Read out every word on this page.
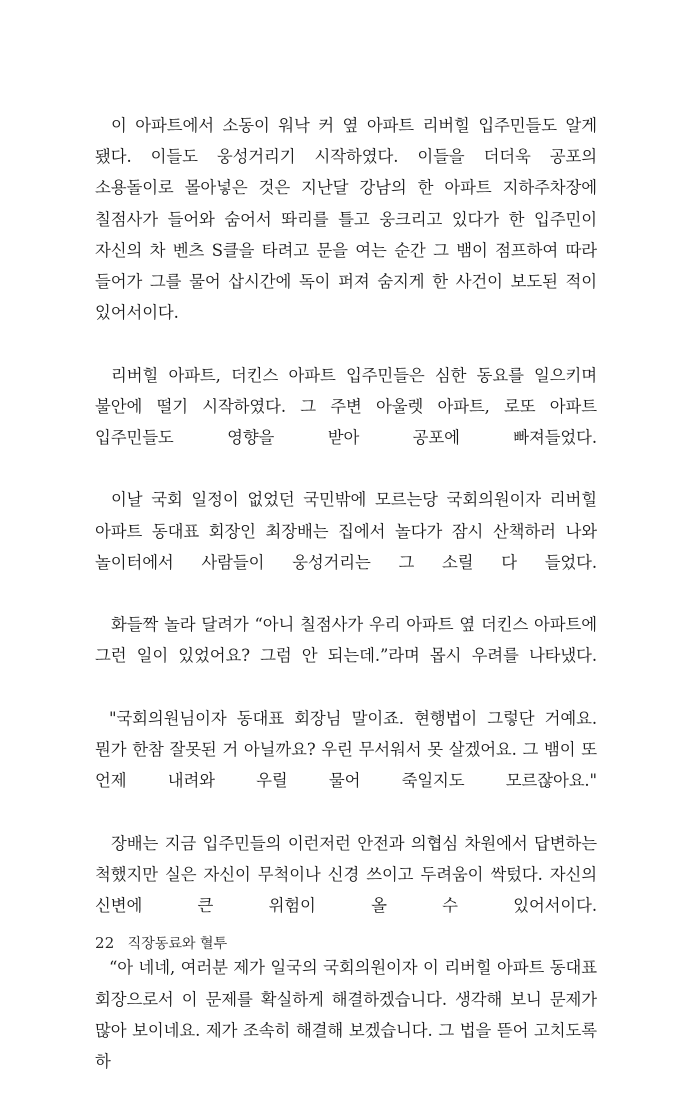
이 아파트에서 소동이 워낙 커 옆 아파트 리버힐 입주민들도 알게 됐다. 이들도 웅성거리기 시작하였다. 이들을 더더욱 공포의 소용돌이로 몰아넣은 것은 지난달 강남의 한 아파트 지하주차장에 칠점사가 들어와 숨어서 똬리를 틀고 웅크리고 있다가 한 입주민이 자신의 차 벤츠 S클을 타려고 문을 여는 순간 그 뱀이 점프하여 따라 들어가 그를 물어 삽시간에 독이 퍼져 숨지게 한 사건이 보도된 적이 있어서이다.

리버힐 아파트, 더킨스 아파트 입주민들은 심한 동요를 일으키며 불안에 떨기 시작하였다. 그 주변 아울렛 아파트, 로또 아파트 입주민들도 영향을 받아 공포에 빠져들었다.

이날 국회 일정이 없었던 국민밖에 모르는당 국회의원이자 리버힐 아파트 동대표 회장인 최장배는 집에서 놀다가 잠시 산책하러 나와 놀이터에서 사람들이 웅성거리는 그 소릴 다 들었다.

화들짝 놀라 달려가 “아니 칠점사가 우리 아파트 옆 더킨스 아파트에 그런 일이 있었어요? 그럼 안 되는데.”라며 몹시 우려를 나타냈다.

"국회의원님이자 동대표 회장님 말이죠. 현행법이 그렇단 거예요. 뭔가 한참 잘못된 거 아닐까요? 우린 무서워서 못 살겠어요. 그 뱀이 또 언제 내려와 우릴 물어 죽일지도 모르잖아요."

장배는 지금 입주민들의 이런저런 안전과 의협심 차원에서 답변하는 척했지만 실은 자신이 무척이나 신경 쓰이고 두려움이 싹텄다. 자신의 신변에 큰 위험이 올 수 있어서이다.

“아 네네, 여러분 제가 일국의 국회의원이자 이 리버힐 아파트 동대표 회장으로서 이 문제를 확실하게 해결하겠습니다. 생각해 보니 문제가 많아 보이네요. 제가 조속히 해결해 보겠습니다. 그 법을 뜯어 고치도록 하

22 직장동료와 혈투
